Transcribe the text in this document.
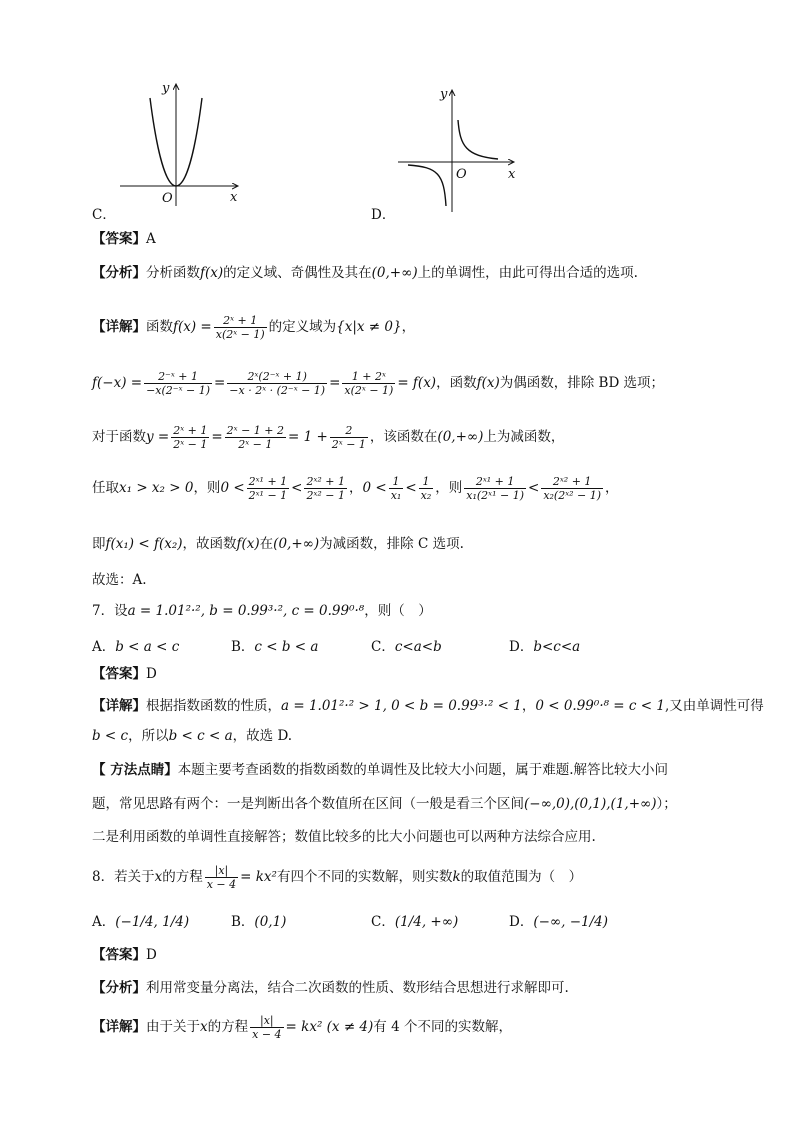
y
x
O
C．
y
x
O
D．
【答案】A
【分析】分析函数f(x)的定义域、奇偶性及其在(0,+∞)上的单调性，由此可得出合适的选项.
【详解】函数$f(x) = \frac{\text{2ˣ + 1}}{\text{x(2ˣ − 1)}}$ 的定义域为{x|x ≠ 0}，
$f(-x) = \frac{\text{2⁻ˣ + 1}}{\text{−x(2⁻ˣ − 1)}} = \frac{\text{2ˣ(2⁻ˣ + 1)}}{\text{−x · 2ˣ · (2⁻ˣ − 1)}} = \frac{\text{1 + 2ˣ}}{\text{x(2ˣ − 1)}} = f(x)$，函数f(x)为偶函数，排除 BD 选项；
对于函数$y = \frac{\text{2ˣ + 1}}{\text{2ˣ − 1}} = \frac{\text{2ˣ − 1 + 2}}{\text{2ˣ − 1}} = 1 + \frac{2}{\text{2ˣ − 1}}$ ，该函数在(0,+∞)上为减函数，
任取x₁ > x₂ > 0，则$0 < \frac{\text{2ˣ¹ + 1}}{\text{2ˣ¹ − 1}} < \frac{\text{2ˣ² + 1}}{\text{2ˣ² − 1}}$ ，$0 < \frac{1}{\text{x₁}} < \frac{1}{\text{x₂}}$ ，则 $\frac{\text{2ˣ¹ + 1}}{\text{x₁(2ˣ¹ − 1)}} < \frac{\text{2ˣ² + 1}}{\text{x₂(2ˣ² − 1)}}$ ，
即f(x₁) < f(x₂)，故函数f(x)在(0,+∞)为减函数，排除 C 选项.
故选：A.
7．设a = 1.01²·², b = 0.99³·², c = 0.99⁰·⁸，则（　）
A．b < a < c	B．c < b < a	C．c<a<b	D．b<c<a
【答案】D
【详解】根据指数函数的性质，a = 1.01²·² > 1, 0 < b = 0.99³·² < 1，0 < 0.99⁰·⁸ = c < 1,又由单调性可得
b < c，所以b < c < a，故选 D.
【 方法点睛】本题主要考查函数的指数函数的单调性及比较大小问题，属于难题.解答比较大小问
题，常见思路有两个：一是判断出各个数值所在区间（一般是看三个区间(−∞,0),(0,1),(1,+∞)）；
二是利用函数的单调性直接解答；数值比较多的比大小问题也可以两种方法综合应用.
8．若关于x的方程 $\frac{|x|}{x - 4} = kx^2$有四个不同的实数解，则实数k的取值范围为（　）
A．(−1/4, 1/4)	B．(0,1)	C．(1/4, +∞)	D．(−∞, −1/4)
【答案】D
【分析】利用常变量分离法，结合二次函数的性质、数形结合思想进行求解即可.
【详解】由于关于x的方程 $\frac{|x|}{x - 4} = kx^2$ (x ≠ 4)有 4 个不同的实数解，
